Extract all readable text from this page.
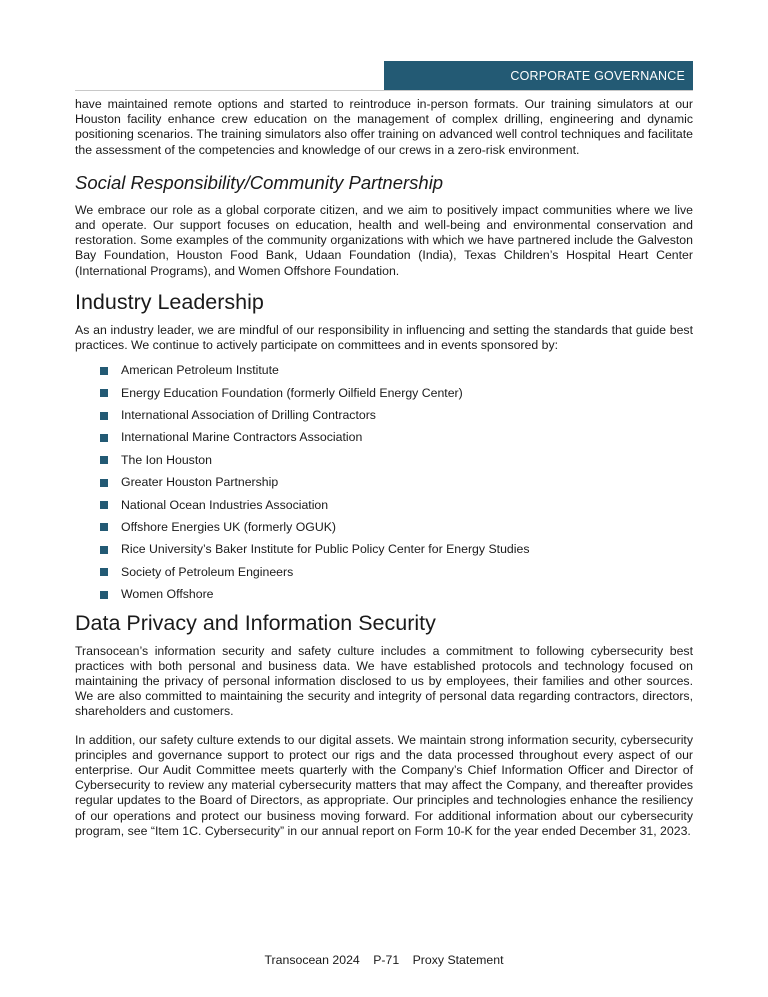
CORPORATE GOVERNANCE

have maintained remote options and started to reintroduce in-person formats. Our training simulators at our Houston facility enhance crew education on the management of complex drilling, engineering and dynamic positioning scenarios. The training simulators also offer training on advanced well control techniques and facilitate the assessment of the competencies and knowledge of our crews in a zero-risk environment.

Social Responsibility/Community Partnership

We embrace our role as a global corporate citizen, and we aim to positively impact communities where we live and operate. Our support focuses on education, health and well-being and environmental conservation and restoration. Some examples of the community organizations with which we have partnered include the Galveston Bay Foundation, Houston Food Bank, Udaan Foundation (India), Texas Children’s Hospital Heart Center (International Programs), and Women Offshore Foundation.

Industry Leadership

As an industry leader, we are mindful of our responsibility in influencing and setting the standards that guide best practices. We continue to actively participate on committees and in events sponsored by:

American Petroleum Institute
Energy Education Foundation (formerly Oilfield Energy Center)
International Association of Drilling Contractors
International Marine Contractors Association
The Ion Houston
Greater Houston Partnership
National Ocean Industries Association
Offshore Energies UK (formerly OGUK)
Rice University’s Baker Institute for Public Policy Center for Energy Studies
Society of Petroleum Engineers
Women Offshore
Data Privacy and Information Security

Transocean’s information security and safety culture includes a commitment to following cybersecurity best practices with both personal and business data. We have established protocols and technology focused on maintaining the privacy of personal information disclosed to us by employees, their families and other sources. We are also committed to maintaining the security and integrity of personal data regarding contractors, directors, shareholders and customers.

In addition, our safety culture extends to our digital assets. We maintain strong information security, cybersecurity principles and governance support to protect our rigs and the data processed throughout every aspect of our enterprise. Our Audit Committee meets quarterly with the Company’s Chief Information Officer and Director of Cybersecurity to review any material cybersecurity matters that may affect the Company, and thereafter provides regular updates to the Board of Directors, as appropriate. Our principles and technologies enhance the resiliency of our operations and protect our business moving forward. For additional information about our cybersecurity program, see “Item 1C. Cybersecurity” in our annual report on Form 10-K for the year ended December 31, 2023.

Transocean 2024 P-71 Proxy Statement
